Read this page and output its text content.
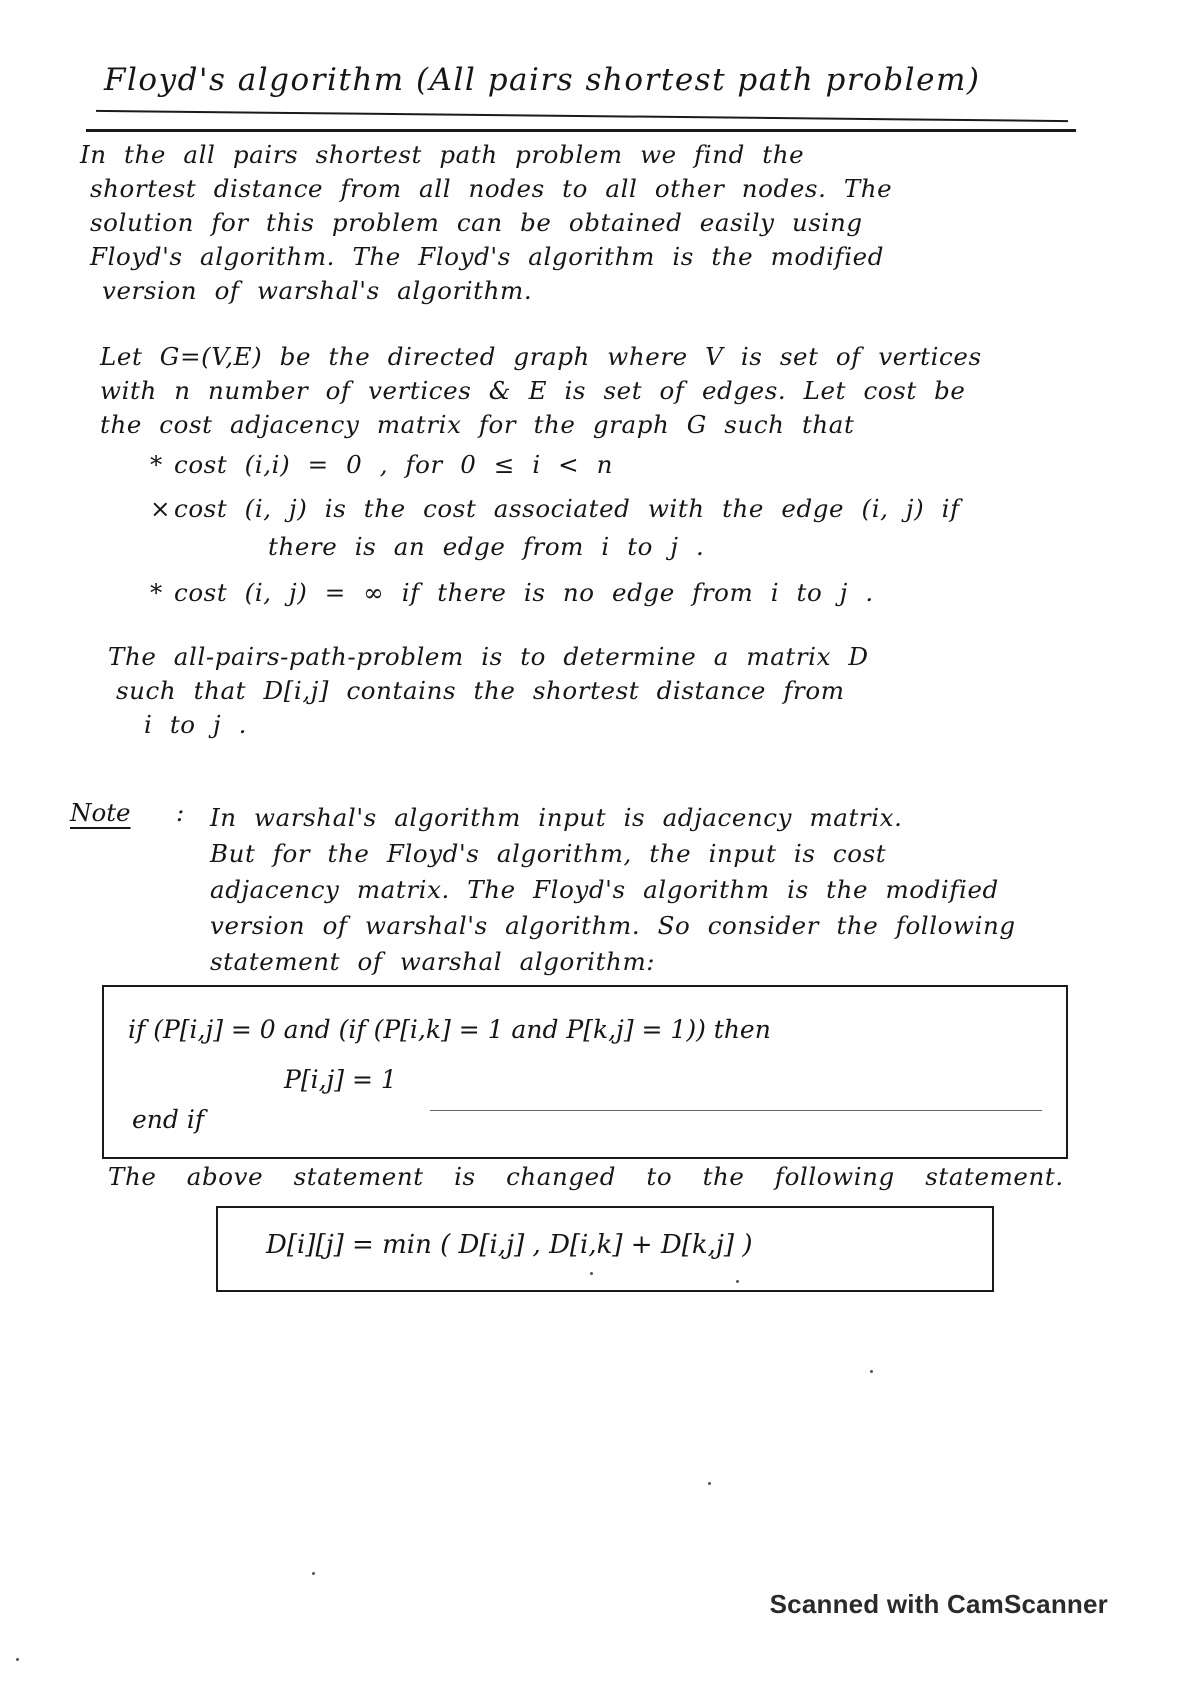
Floyd's algorithm (All pairs shortest path problem)
In the all pairs shortest path problem we find the
shortest distance from all nodes to all other nodes. The
solution for this problem can be obtained easily using
Floyd's algorithm. The Floyd's algorithm is the modified
version of warshal's algorithm.
Let G=(V,E) be the directed graph where V is set of vertices
with n number of vertices & E is set of edges. Let cost be
the cost adjacency matrix for the graph G such that
* cost (i,i) = 0 , for 0 ≤ i < n
× cost (i, j) is the cost associated with the edge (i, j) if
there is an edge from i to j .
* cost (i, j) = ∞ if there is no edge from i to j .
The all-pairs-path-problem is to determine a matrix D
such that D[i,j] contains the shortest distance from
i to j .
Note : In warshal's algorithm input is adjacency matrix.
But for the Floyd's algorithm, the input is cost
adjacency matrix. The Floyd's algorithm is the modified
version of warshal's algorithm. So consider the following
statement of warshal algorithm:
if (P[i,j] = 0 and (if (P[i,k] = 1 and P[k,j] = 1)) then
P[i,j] = 1
end if
The above statement is changed to the following statement.
D[i][j] = min ( D[i,j] , D[i,k] + D[k,j] )
Scanned with CamScanner
